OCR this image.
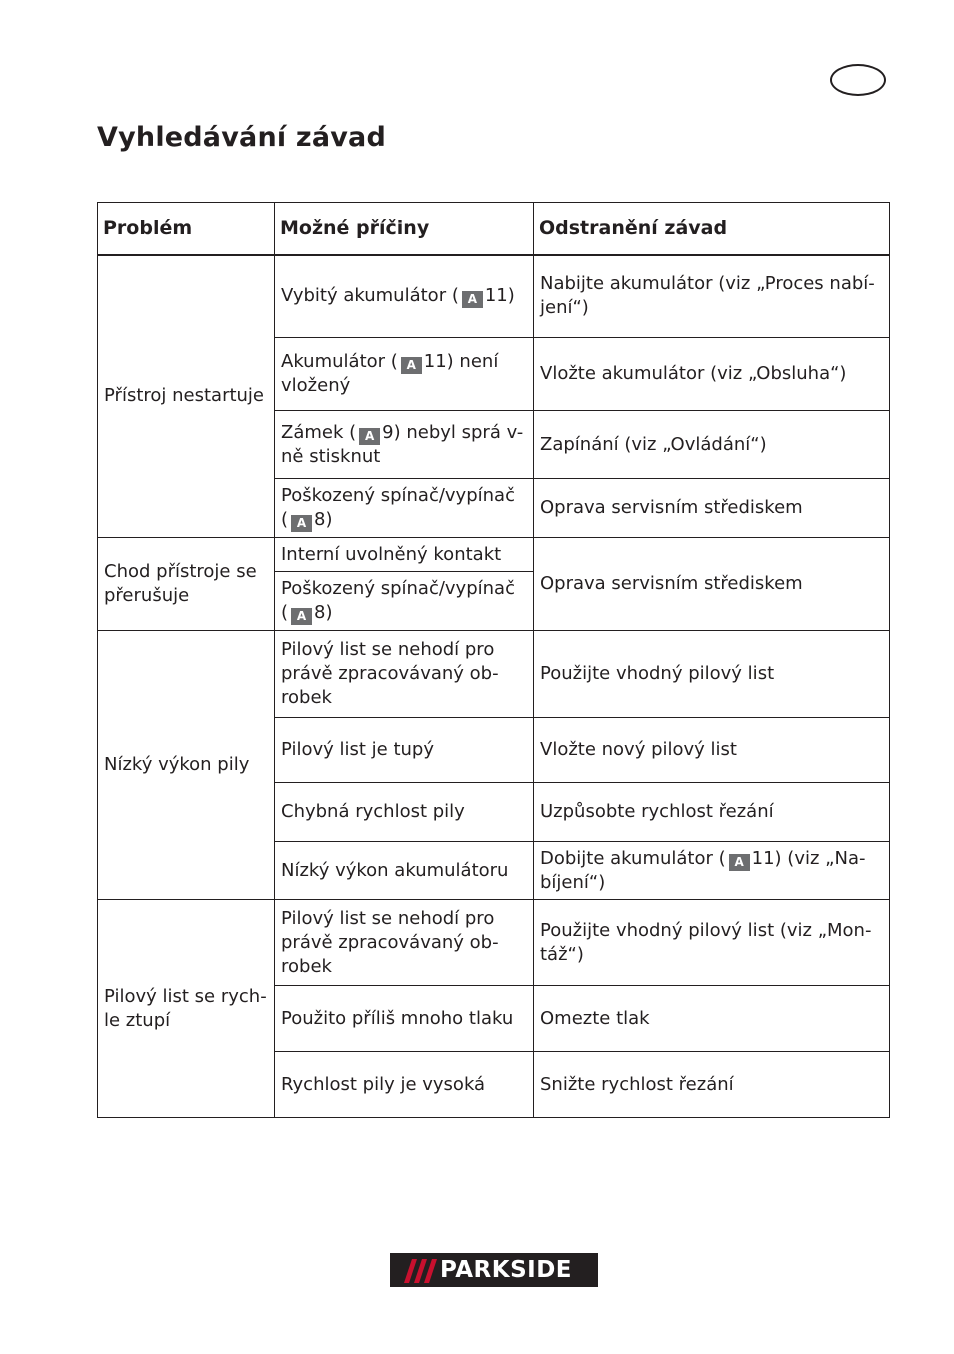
Vyhledávání závad
Problém	Možné příčiny	Odstranění závad
Přístroj nestartuje	Vybitý akumulátor ( A 11)	Nabijte akumulátor (viz „Proces nabí-jení“)
	Akumulátor ( A 11) není vložený	Vložte akumulátor (viz „Obsluha“)
	Zámek ( A 9) nebyl sprá v-ně stisknut	Zapínání (viz „Ovládání“)
	Poškozený spínač/vypínač ( A 8)	Oprava servisním střediskem
Chod přístroje se přerušuje	Interní uvolněný kontakt	Oprava servisním střediskem
	Poškozený spínač/vypínač ( A 8)	
Nízký výkon pily	Pilový list se nehodí pro právě zpracovávaný ob-robek	Použijte vhodný pilový list
	Pilový list je tupý	Vložte nový pilový list
	Chybná rychlost pily	Uzpůsobte rychlost řezání
	Nízký výkon akumulátoru	Dobijte akumulátor ( A 11) (viz „Na-bíjení“)
Pilový list se rych-le ztupí	Pilový list se nehodí pro právě zpracovávaný ob-robek	Použijte vhodný pilový list (viz „Mon-táž“)
	Použito příliš mnoho tlaku	Omezte tlak
	Rychlost pily je vysoká	Snižte rychlost řezání
PARKSIDE
